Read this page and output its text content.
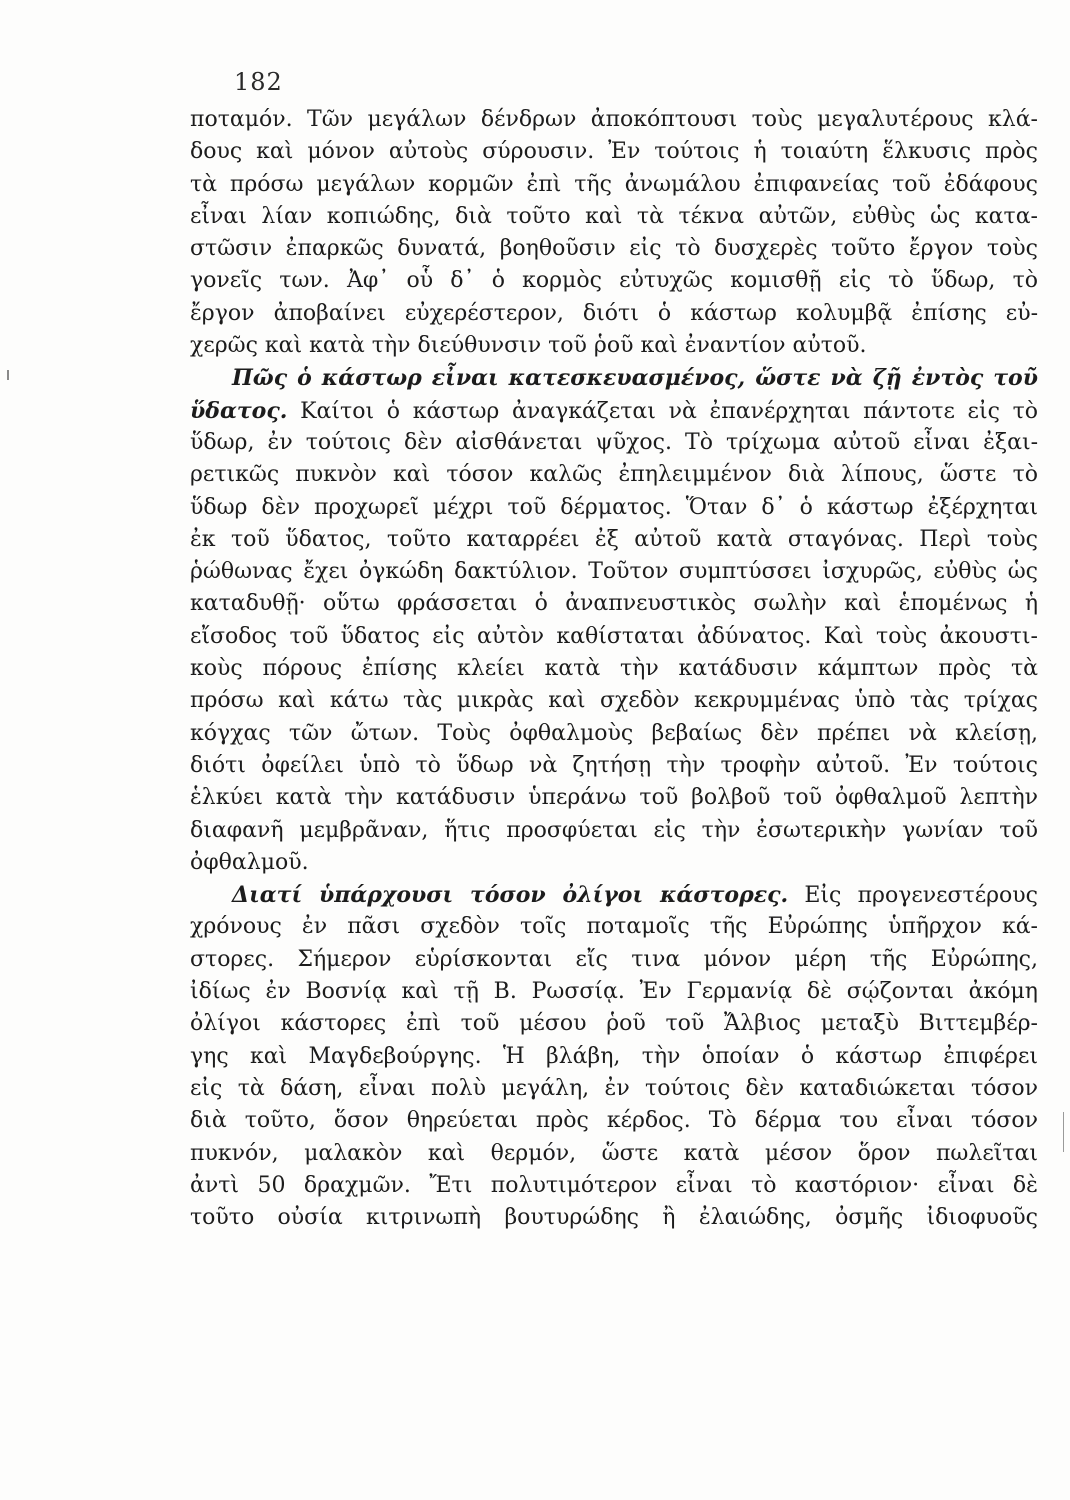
182
ποταμόν. Τῶν μεγάλων δένδρων ἀποκόπτουσι τοὺς μεγαλυτέρους κλά-
δους καὶ μόνον αὐτοὺς σύρουσιν. Ἐν τούτοις ἡ τοιαύτη ἕλκυσις πρὸς
τὰ πρόσω μεγάλων κορμῶν ἐπὶ τῆς ἀνωμάλου ἐπιφανείας τοῦ ἐδάφους
εἶναι λίαν κοπιώδης, διὰ τοῦτο καὶ τὰ τέκνα αὐτῶν, εὐθὺς ὡς κατα-
στῶσιν ἐπαρκῶς δυνατά, βοηθοῦσιν εἰς τὸ δυσχερὲς τοῦτο ἔργον τοὺς
γονεῖς των. Ἀφ᾽ οὗ δ᾽ ὁ κορμὸς εὐτυχῶς κομισθῇ εἰς τὸ ὕδωρ, τὸ
ἔργον ἀποβαίνει εὐχερέστερον, διότι ὁ κάστωρ κολυμβᾷ ἐπίσης εὐ-
χερῶς καὶ κατὰ τὴν διεύθυνσιν τοῦ ῥοῦ καὶ ἐναντίον αὐτοῦ.
Πῶς ὁ κάστωρ εἶναι κατεσκευασμένος, ὥστε νὰ ζῇ ἐντὸς τοῦ
ὕδατος. Καίτοι ὁ κάστωρ ἀναγκάζεται νὰ ἐπανέρχηται πάντοτε εἰς τὸ
ὕδωρ, ἐν τούτοις δὲν αἰσθάνεται ψῦχος. Τὸ τρίχωμα αὐτοῦ εἶναι ἐξαι-
ρετικῶς πυκνὸν καὶ τόσον καλῶς ἐπηλειμμένον διὰ λίπους, ὥστε τὸ
ὕδωρ δὲν προχωρεῖ μέχρι τοῦ δέρματος. Ὅταν δ᾽ ὁ κάστωρ ἐξέρχηται
ἐκ τοῦ ὕδατος, τοῦτο καταρρέει ἐξ αὐτοῦ κατὰ σταγόνας. Περὶ τοὺς
ῥώθωνας ἔχει ὀγκώδη δακτύλιον. Τοῦτον συμπτύσσει ἰσχυρῶς, εὐθὺς ὡς
καταδυθῇ· οὕτω φράσσεται ὁ ἀναπνευστικὸς σωλὴν καὶ ἑπομένως ἡ
εἴσοδος τοῦ ὕδατος εἰς αὐτὸν καθίσταται ἀδύνατος. Καὶ τοὺς ἀκουστι-
κοὺς πόρους ἐπίσης κλείει κατὰ τὴν κατάδυσιν κάμπτων πρὸς τὰ
πρόσω καὶ κάτω τὰς μικρὰς καὶ σχεδὸν κεκρυμμένας ὑπὸ τὰς τρίχας
κόγχας τῶν ὤτων. Τοὺς ὀφθαλμοὺς βεβαίως δὲν πρέπει νὰ κλείσῃ,
διότι ὀφείλει ὑπὸ τὸ ὕδωρ νὰ ζητήσῃ τὴν τροφὴν αὐτοῦ. Ἐν τούτοις
ἑλκύει κατὰ τὴν κατάδυσιν ὑπεράνω τοῦ βολβοῦ τοῦ ὀφθαλμοῦ λεπτὴν
διαφανῆ μεμβρᾶναν, ἥτις προσφύεται εἰς τὴν ἐσωτερικὴν γωνίαν τοῦ
ὀφθαλμοῦ.
Διατί ὑπάρχουσι τόσον ὀλίγοι κάστορες. Εἰς προγενεστέρους
χρόνους ἐν πᾶσι σχεδὸν τοῖς ποταμοῖς τῆς Εὐρώπης ὑπῆρχον κά-
στορες. Σήμερον εὑρίσκονται εἴς τινα μόνον μέρη τῆς Εὐρώπης,
ἰδίως ἐν Βοσνίᾳ καὶ τῇ Β. Ρωσσίᾳ. Ἐν Γερμανίᾳ δὲ σῴζονται ἀκόμη
ὀλίγοι κάστορες ἐπὶ τοῦ μέσου ῥοῦ τοῦ Ἄλβιος μεταξὺ Βιττεμβέρ-
γης καὶ Μαγδεβούργης. Ἡ βλάβη, τὴν ὁποίαν ὁ κάστωρ ἐπιφέρει
εἰς τὰ δάση, εἶναι πολὺ μεγάλη, ἐν τούτοις δὲν καταδιώκεται τόσον
διὰ τοῦτο, ὅσον θηρεύεται πρὸς κέρδος. Τὸ δέρμα του εἶναι τόσον
πυκνόν, μαλακὸν καὶ θερμόν, ὥστε κατὰ μέσον ὅρον πωλεῖται
ἀντὶ 50 δραχμῶν. Ἔτι πολυτιμότερον εἶναι τὸ καστόριον· εἶναι δὲ
τοῦτο οὐσία κιτρινωπὴ βουτυρώδης ἢ ἐλαιώδης, ὀσμῆς ἰδιοφυοῦς
